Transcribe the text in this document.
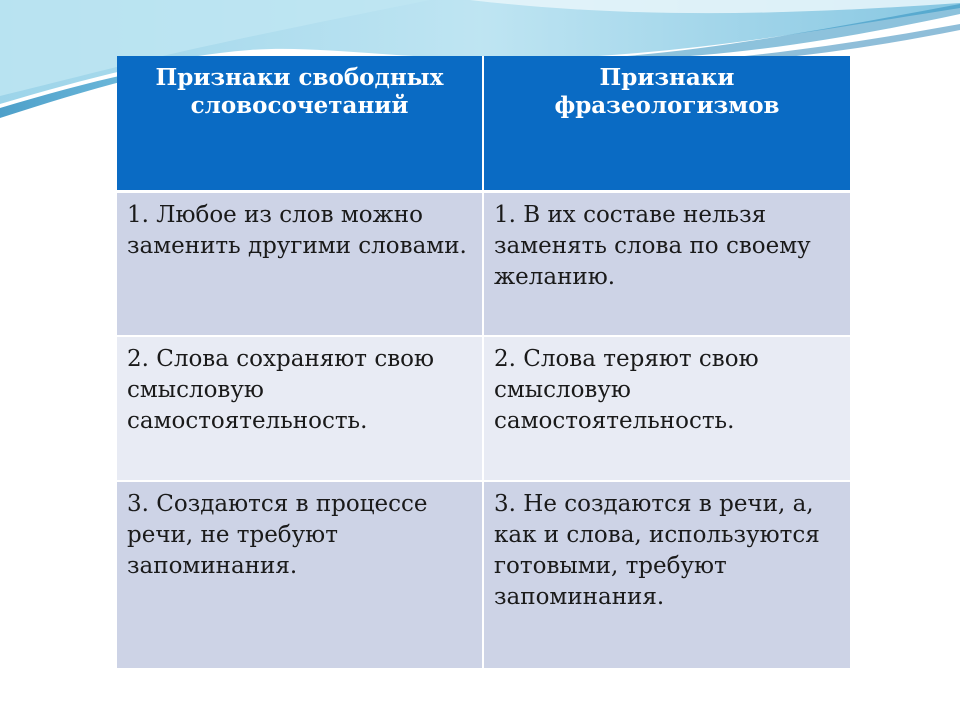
Признаки свободных словосочетаний	Признаки фразеологизмов
1. Любое из слов можно заменить другими словами.	1. В их составе нельзя заменять слова по своему желанию.
2. Слова сохраняют свою смысловую самостоятельность.	2. Слова теряют свою смысловую самостоятельность.
3. Создаются в процессе речи, не требуют запоминания.	3. Не создаются в речи, а, как и слова, используются готовыми, требуют запоминания.
